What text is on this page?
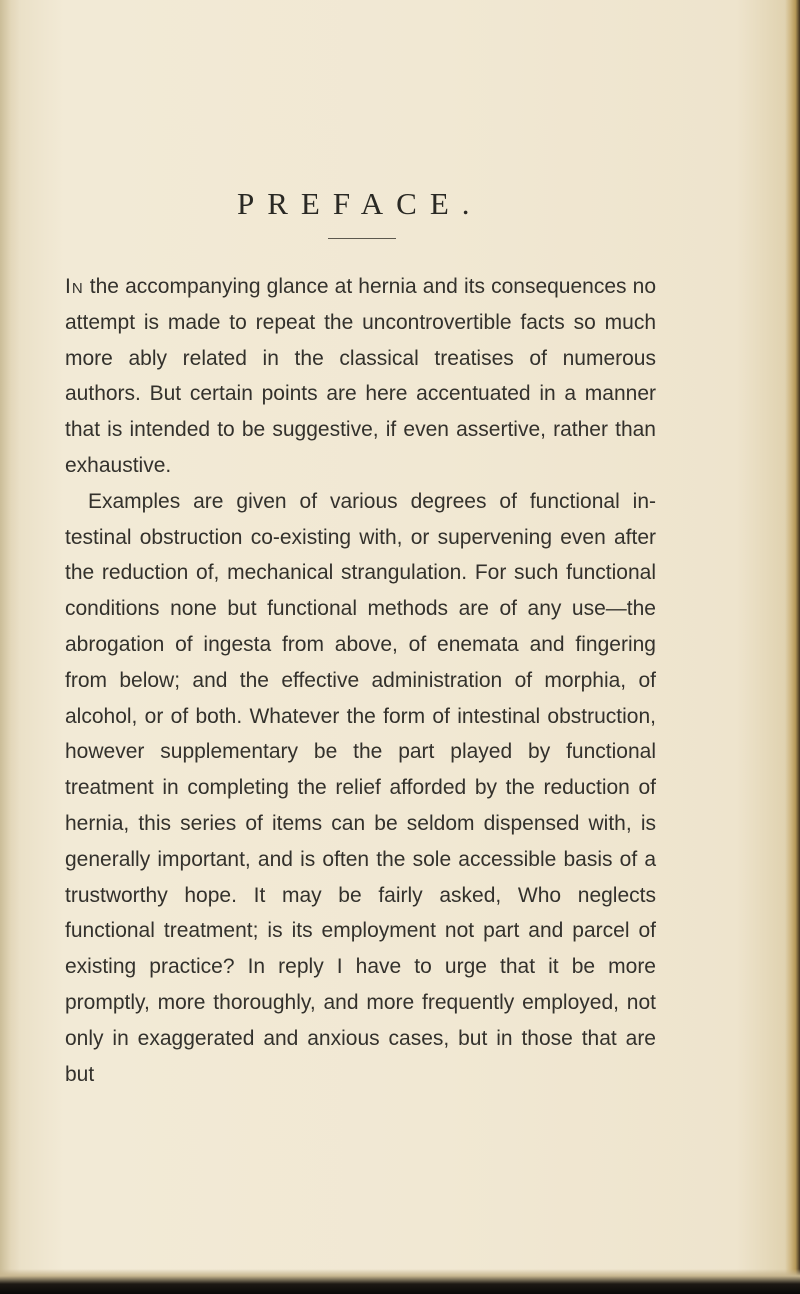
PREFACE.

In the accompanying glance at hernia and its consequences no attempt is made to repeat the uncontrovertible facts so much more ably related in the classical treatises of numerous authors. But certain points are here accentuated in a manner that is intended to be suggestive, if even assertive, rather than exhaustive.

Examples are given of various degrees of functional in-testinal obstruction co-existing with, or supervening even after the reduction of, mechanical strangulation. For such functional conditions none but functional methods are of any use—the abrogation of ingesta from above, of enemata and fingering from below; and the effective administration of morphia, of alcohol, or of both. Whatever the form of intestinal obstruction, however supplementary be the part played by functional treatment in completing the relief afforded by the reduction of hernia, this series of items can be seldom dispensed with, is generally important, and is often the sole accessible basis of a trustworthy hope. It may be fairly asked, Who neglects functional treatment; is its employment not part and parcel of existing practice? In reply I have to urge that it be more promptly, more thoroughly, and more frequently employed, not only in exaggerated and anxious cases, but in those that are but
